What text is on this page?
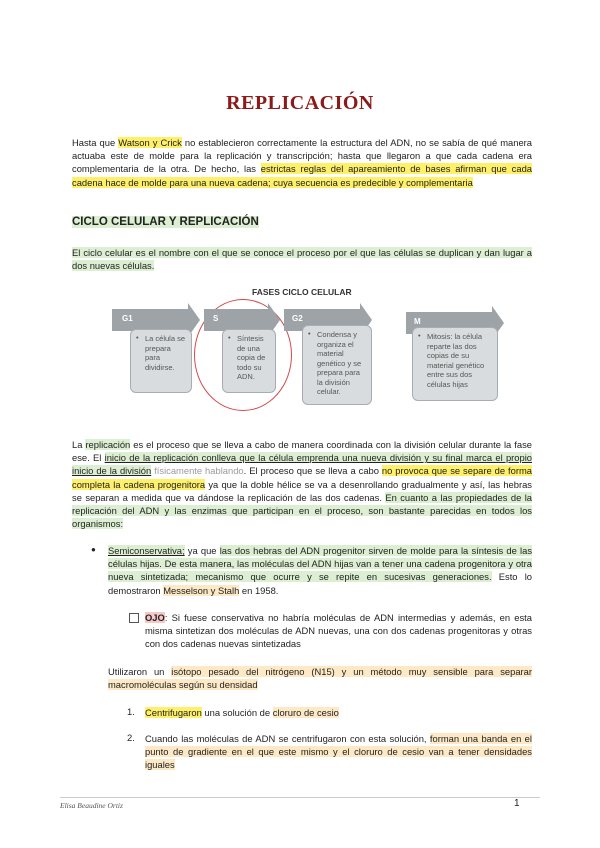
REPLICACIÓN
Hasta que Watson y Crick no establecieron correctamente la estructura del ADN, no se sabía de qué manera actuaba este de molde para la replicación y transcripción; hasta que llegaron a que cada cadena era complementaria de la otra. De hecho, las estrictas reglas del apareamiento de bases afirman que cada cadena hace de molde para una nueva cadena; cuya secuencia es predecible y complementaria
CICLO CELULAR Y REPLICACIÓN
El ciclo celular es el nombre con el que se conoce el proceso por el que las células se duplican y dan lugar a dos nuevas células.
FASES CICLO CELULAR
G1
• La célula se prepara para dividirse.
S
• Síntesis de una copia de todo su ADN.
G2
• Condensa y organiza el material genético y se prepara para la división celular.
M
• Mitosis: la célula reparte las dos copias de su material genético entre sus dos células hijas
La replicación es el proceso que se lleva a cabo de manera coordinada con la división celular durante la fase ese. El inicio de la replicación conlleva que la célula emprenda una nueva división y su final marca el propio inicio de la división físicamente hablando. El proceso que se lleva a cabo no provoca que se separe de forma completa la cadena progenitora ya que la doble hélice se va a desenrollando gradualmente y así, las hebras se separan a medida que va dándose la replicación de las dos cadenas. En cuanto a las propiedades de la replicación del ADN y las enzimas que participan en el proceso, son bastante parecidas en todos los organismos:
● Semiconservativa; ya que las dos hebras del ADN progenitor sirven de molde para la síntesis de las células hijas. De esta manera, las moléculas del ADN hijas van a tener una cadena progenitora y otra nueva sintetizada; mecanismo que ocurre y se repite en sucesivas generaciones. Esto lo demostraron Messelson y Stalh en 1958.
OJO: Si fuese conservativa no habría moléculas de ADN intermedias y además, en esta misma sintetizan dos moléculas de ADN nuevas, una con dos cadenas progenitoras y otras con dos cadenas nuevas sintetizadas
Utilizaron un isótopo pesado del nitrógeno (N15) y un método muy sensible para separar macromoléculas según su densidad
1. Centrifugaron una solución de cloruro de cesio
2. Cuando las moléculas de ADN se centrifugaron con esta solución, forman una banda en el punto de gradiente en el que este mismo y el cloruro de cesio van a tener densidades iguales
Elisa Beaudine Ortiz	1
